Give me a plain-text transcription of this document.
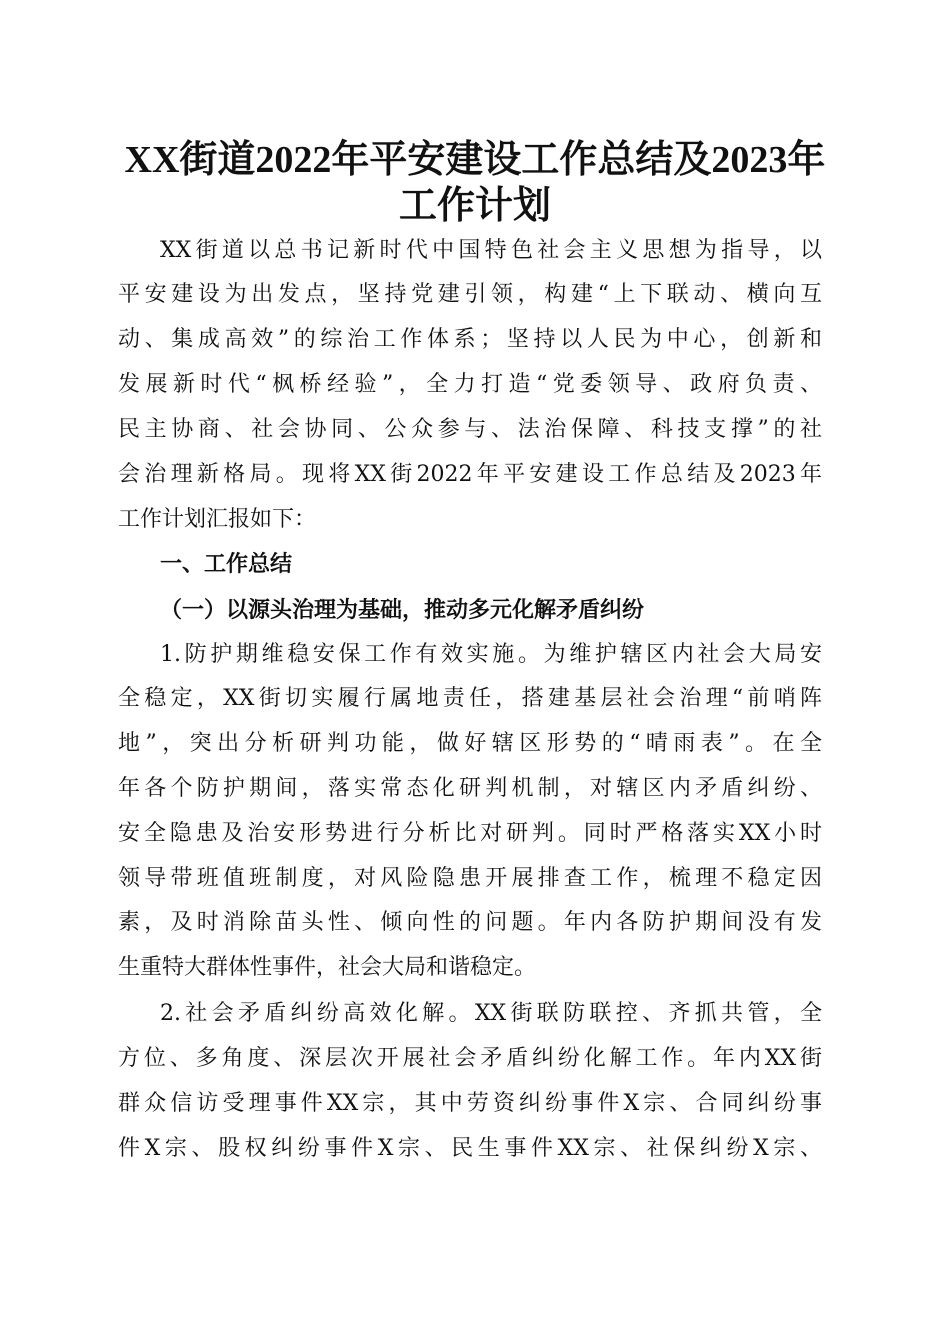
XX街道2022年平安建设工作总结及2023年
工作计划

XX街道以总书记新时代中国特色社会主义思想为指导，以

平安建设为出发点，坚持党建引领，构建“上下联动、横向互

动、集成高效”的综治工作体系；坚持以人民为中心，创新和

发展新时代“枫桥经验”，全力打造“党委领导、政府负责、

民主协商、社会协同、公众参与、法治保障、科技支撑”的社

会治理新格局。现将XX街2022年平安建设工作总结及2023年

工作计划汇报如下：

一、工作总结
（一）以源头治理为基础，推动多元化解矛盾纠纷

1.防护期维稳安保工作有效实施。为维护辖区内社会大局安

全稳定，XX街切实履行属地责任，搭建基层社会治理“前哨阵

地”，突出分析研判功能，做好辖区形势的“晴雨表”。在全

年各个防护期间，落实常态化研判机制，对辖区内矛盾纠纷、

安全隐患及治安形势进行分析比对研判。同时严格落实XX小时

领导带班值班制度，对风险隐患开展排查工作，梳理不稳定因

素，及时消除苗头性、倾向性的问题。年内各防护期间没有发

生重特大群体性事件，社会大局和谐稳定。

2.社会矛盾纠纷高效化解。XX街联防联控、齐抓共管，全

方位、多角度、深层次开展社会矛盾纠纷化解工作。年内XX街

群众信访受理事件XX宗，其中劳资纠纷事件X宗、合同纠纷事

件X宗、股权纠纷事件X宗、民生事件XX宗、社保纠纷X宗、
